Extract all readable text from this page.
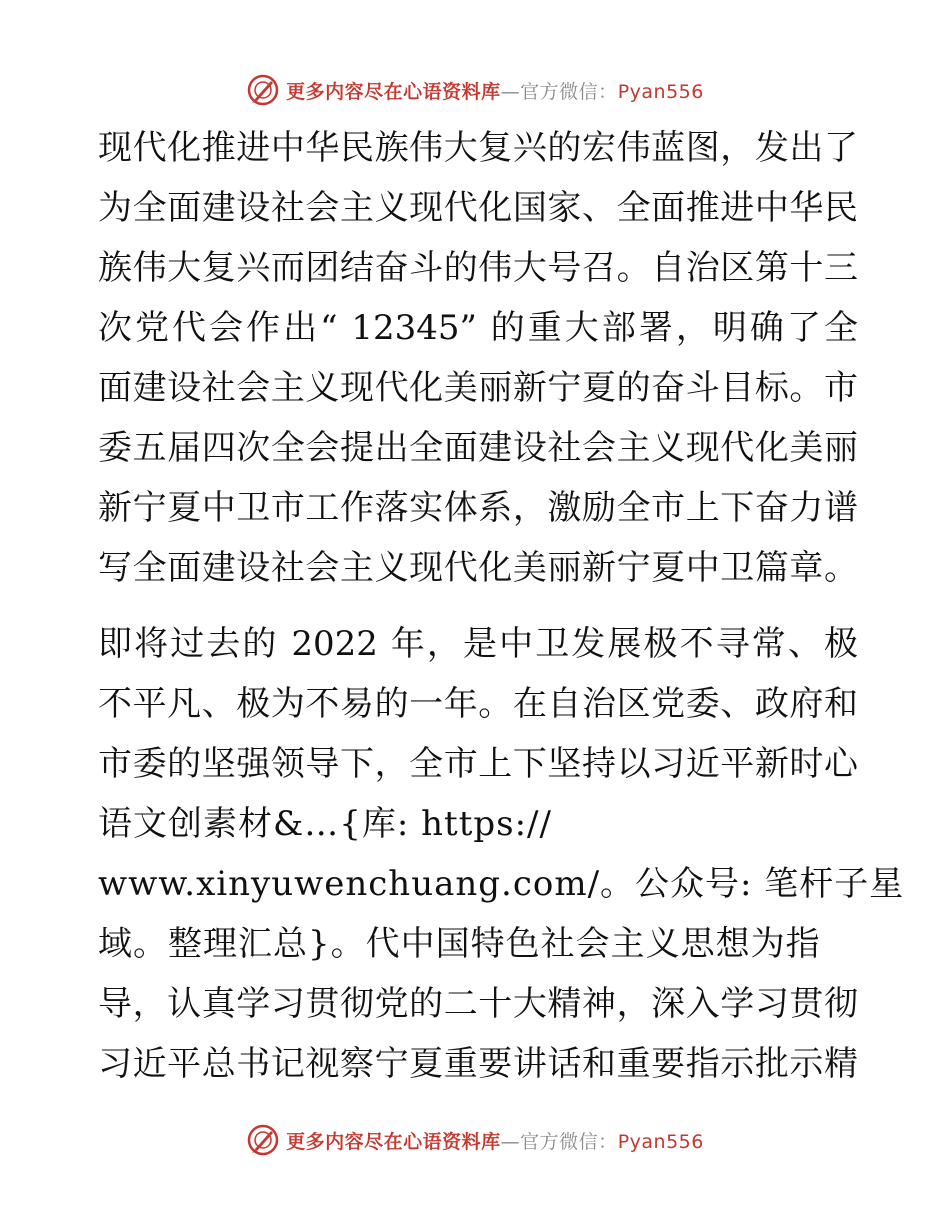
更多内容尽在心语资料库—官方微信：Pyan556
现代化推进中华民族伟大复兴的宏伟蓝图，发出了
为全面建设社会主义现代化国家、全面推进中华民
族伟大复兴而团结奋斗的伟大号召。自治区第十三
次党代会作出“ 12345” 的重大部署，明确了全
面建设社会主义现代化美丽新宁夏的奋斗目标。市
委五届四次全会提出全面建设社会主义现代化美丽
新宁夏中卫市工作落实体系，激励全市上下奋力谱
写全面建设社会主义现代化美丽新宁夏中卫篇章。
即将过去的 2022 年，是中卫发展极不寻常、极
不平凡、极为不易的一年。在自治区党委、政府和
市委的坚强领导下，全市上下坚持以习近平新时心
语文创素材&…{库: https://
www.xinyuwenchuang.com/。公众号: 笔杆子星
域。整理汇总}。代中国特色社会主义思想为指
导，认真学习贯彻党的二十大精神，深入学习贯彻
习近平总书记视察宁夏重要讲话和重要指示批示精
更多内容尽在心语资料库—官方微信：Pyan556
